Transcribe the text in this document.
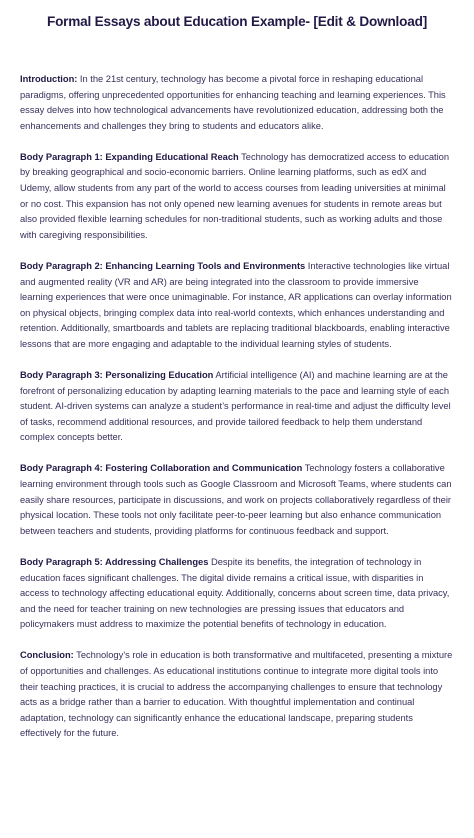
Formal Essays about Education Example- [Edit & Download]

Introduction: In the 21st century, technology has become a pivotal force in reshaping educational paradigms, offering unprecedented opportunities for enhancing teaching and learning experiences. This essay delves into how technological advancements have revolutionized education, addressing both the enhancements and challenges they bring to students and educators alike.

Body Paragraph 1: Expanding Educational Reach Technology has democratized access to education by breaking geographical and socio-economic barriers. Online learning platforms, such as edX and Udemy, allow students from any part of the world to access courses from leading universities at minimal or no cost. This expansion has not only opened new learning avenues for students in remote areas but also provided flexible learning schedules for non-traditional students, such as working adults and those with caregiving responsibilities.

Body Paragraph 2: Enhancing Learning Tools and Environments Interactive technologies like virtual and augmented reality (VR and AR) are being integrated into the classroom to provide immersive learning experiences that were once unimaginable. For instance, AR applications can overlay information on physical objects, bringing complex data into real-world contexts, which enhances understanding and retention. Additionally, smartboards and tablets are replacing traditional blackboards, enabling interactive lessons that are more engaging and adaptable to the individual learning styles of students.

Body Paragraph 3: Personalizing Education Artificial intelligence (AI) and machine learning are at the forefront of personalizing education by adapting learning materials to the pace and learning style of each student. AI-driven systems can analyze a student’s performance in real-time and adjust the difficulty level of tasks, recommend additional resources, and provide tailored feedback to help them understand complex concepts better.

Body Paragraph 4: Fostering Collaboration and Communication Technology fosters a collaborative learning environment through tools such as Google Classroom and Microsoft Teams, where students can easily share resources, participate in discussions, and work on projects collaboratively regardless of their physical location. These tools not only facilitate peer-to-peer learning but also enhance communication between teachers and students, providing platforms for continuous feedback and support.

Body Paragraph 5: Addressing Challenges Despite its benefits, the integration of technology in education faces significant challenges. The digital divide remains a critical issue, with disparities in access to technology affecting educational equity. Additionally, concerns about screen time, data privacy, and the need for teacher training on new technologies are pressing issues that educators and policymakers must address to maximize the potential benefits of technology in education.

Conclusion: Technology’s role in education is both transformative and multifaceted, presenting a mixture of opportunities and challenges. As educational institutions continue to integrate more digital tools into their teaching practices, it is crucial to address the accompanying challenges to ensure that technology acts as a bridge rather than a barrier to education. With thoughtful implementation and continual adaptation, technology can significantly enhance the educational landscape, preparing students effectively for the future.
